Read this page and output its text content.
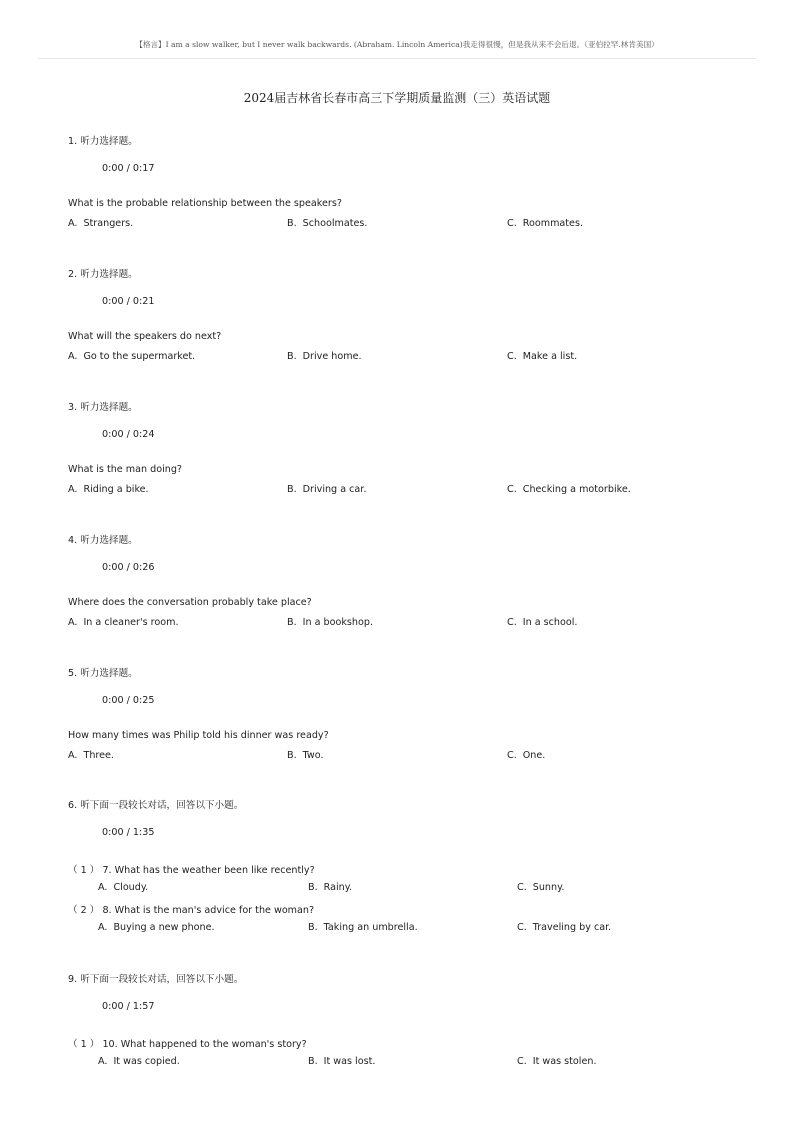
【格言】I am a slow walker, but I never walk backwards. (Abraham. Lincoln America)我走得很慢，但是我从来不会后退。（亚伯拉罕.林肯美国）
2024届吉林省长春市高三下学期质量监测（三）英语试题
1. 听力选择题。
0:00 / 0:17
What is the probable relationship between the speakers?
A. Strangers.	B. Schoolmates.	C. Roommates.
2. 听力选择题。
0:00 / 0:21
What will the speakers do next?
A. Go to the supermarket.	B. Drive home.	C. Make a list.
3. 听力选择题。
0:00 / 0:24
What is the man doing?
A. Riding a bike.	B. Driving a car.	C. Checking a motorbike.
4. 听力选择题。
0:00 / 0:26
Where does the conversation probably take place?
A. In a cleaner's room.	B. In a bookshop.	C. In a school.
5. 听力选择题。
0:00 / 0:25
How many times was Philip told his dinner was ready?
A. Three.	B. Two.	C. One.
6. 听下面一段较长对话，回答以下小题。
0:00 / 1:35
（ 1 ） 7. What has the weather been like recently?
A. Cloudy.	B. Rainy.	C. Sunny.
（ 2 ） 8. What is the man's advice for the woman?
A. Buying a new phone.	B. Taking an umbrella.	C. Traveling by car.
9. 听下面一段较长对话，回答以下小题。
0:00 / 1:57
（ 1 ） 10. What happened to the woman's story?
A. It was copied.	B. It was lost.	C. It was stolen.
